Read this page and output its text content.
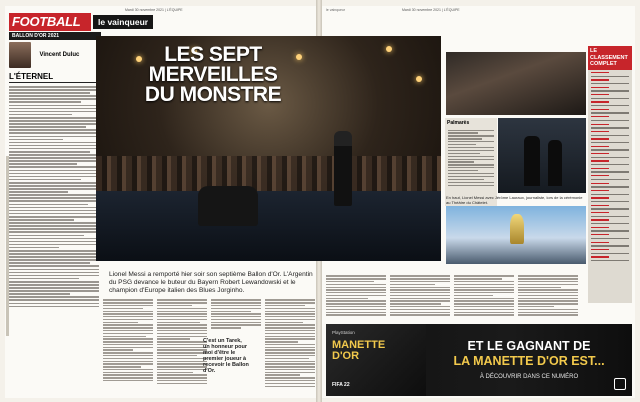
Mardi 30 novembre 2021 | L'ÉQUIPE
FOOTBALL	le vainqueur
BALLON D'OR 2021
Vincent Duluc
L'ÉTERNEL
Lionel Messi a remporté hier soir son septième Ballon d'Or. L'Argentin du PSG devance le buteur du Bayern Robert Lewandowski et le champion d'Europe italien des Blues Jorginho.
C'est un Tarek, un honneur pour moi d'être le premier joueur à recevoir le Ballon d'Or.
Mardi 30 novembre 2021 | L'ÉQUIPE
le vainqueur
Palmarès
En haut, Lionel Messi avec Jérôme Lauraux, journaliste, lors de la cérémonie au Théâtre du Châtelet.
LE CLASSEMENT COMPLET
PlayStation
MANETTE D'OR
FIFA 22
ET LE GAGNANT DE
LA MANETTE D'OR EST...
À DÉCOUVRIR DANS CE NUMÉRO
LES SEPT MERVEILLES DU MONSTRE
